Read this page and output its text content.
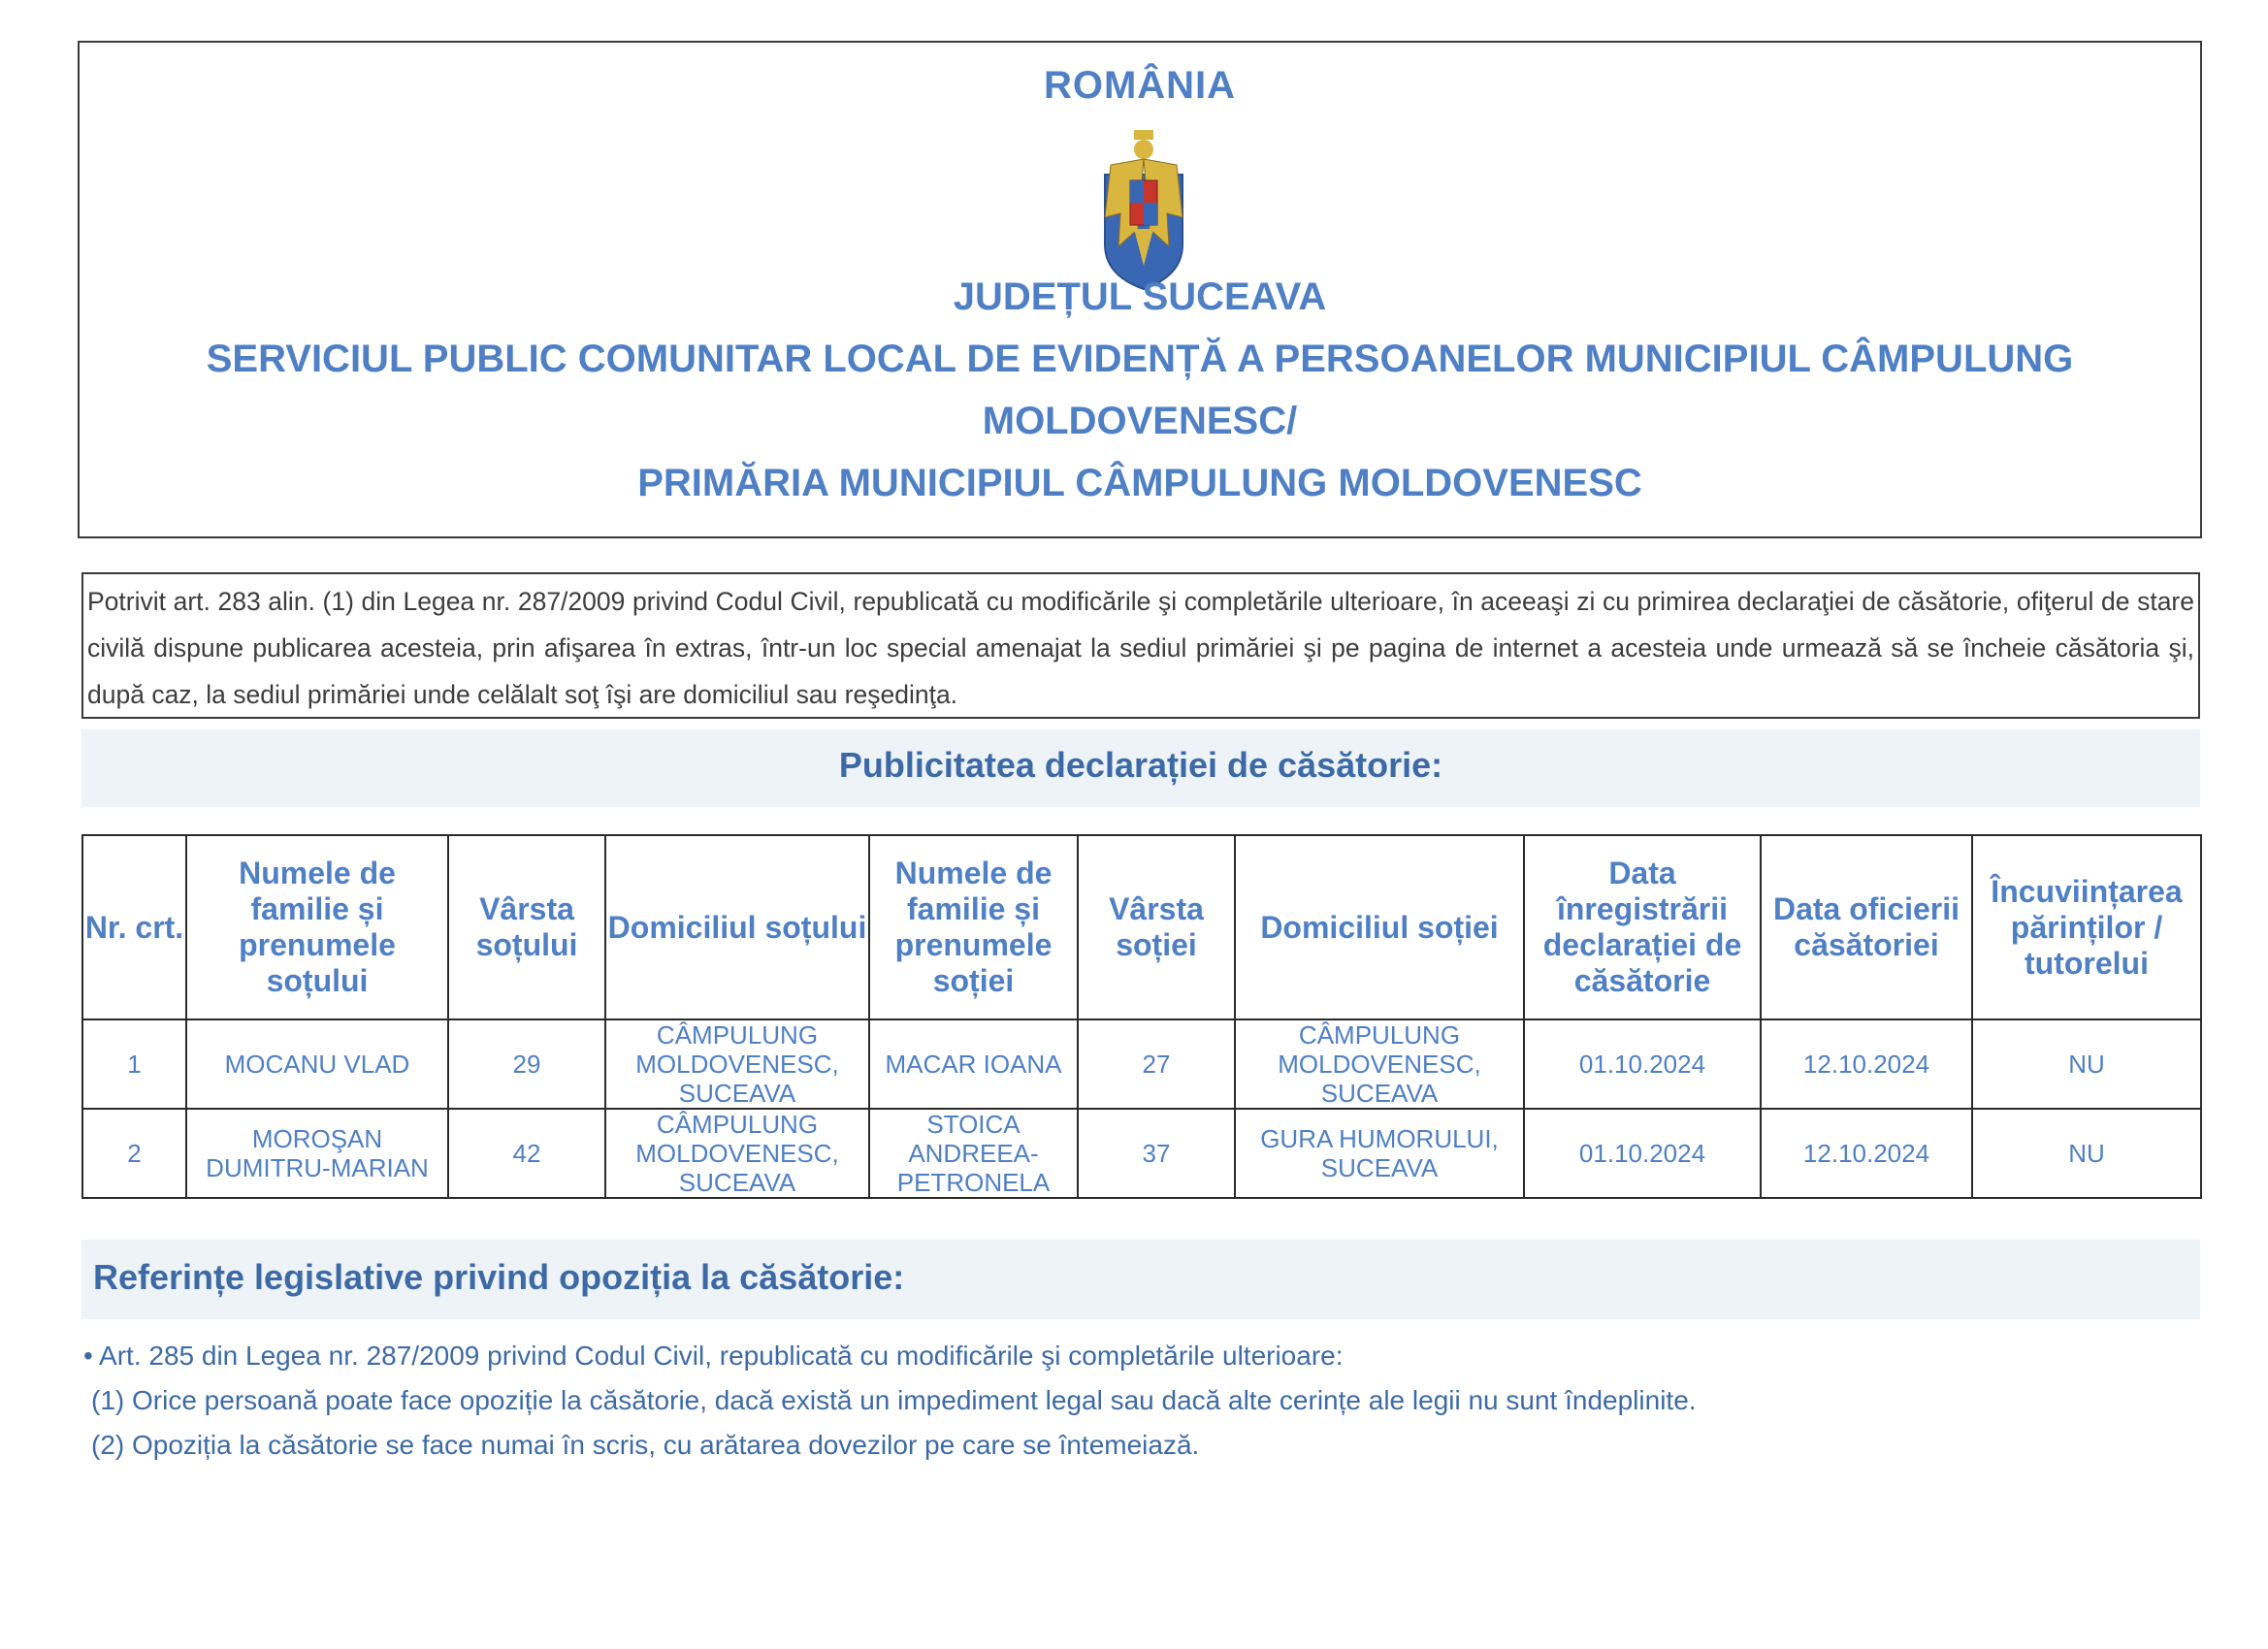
ROMÂNIA
JUDEȚUL SUCEAVA
SERVICIUL PUBLIC COMUNITAR LOCAL DE EVIDENȚĂ A PERSOANELOR MUNICIPIUL CÂMPULUNG
MOLDOVENESC/
PRIMĂRIA MUNICIPIUL CÂMPULUNG MOLDOVENESC
Potrivit art. 283 alin. (1) din Legea nr. 287/2009 privind Codul Civil, republicată cu modificările şi completările ulterioare, în aceeaşi zi cu primirea declaraţiei de căsătorie, ofiţerul de stare civilă dispune publicarea acesteia, prin afişarea în extras, într-un loc special amenajat la sediul primăriei şi pe pagina de internet a acesteia unde urmează să se încheie căsătoria şi, după caz, la sediul primăriei unde celălalt soţ îşi are domiciliul sau reşedinţa.
Publicitatea declarației de căsătorie:
Nr. crt.	Numele de familie și prenumele soțului	Vârsta soțului	Domiciliul soțului	Numele de familie și prenumele soției	Vârsta soției	Domiciliul soției	Data înregistrării declarației de căsătorie	Data oficierii căsătoriei	Încuviințarea părinților / tutorelui
1	MOCANU VLAD	29	CÂMPULUNG MOLDOVENESC, SUCEAVA	MACAR IOANA	27	CÂMPULUNG MOLDOVENESC, SUCEAVA	01.10.2024	12.10.2024	NU
2	MOROŞAN DUMITRU-MARIAN	42	CÂMPULUNG MOLDOVENESC, SUCEAVA	STOICA ANDREEA-PETRONELA	37	GURA HUMORULUI, SUCEAVA	01.10.2024	12.10.2024	NU
Referințe legislative privind opoziția la căsătorie:
• Art. 285 din Legea nr. 287/2009 privind Codul Civil, republicată cu modificările şi completările ulterioare:
(1) Orice persoană poate face opoziție la căsătorie, dacă există un impediment legal sau dacă alte cerințe ale legii nu sunt îndeplinite.
(2) Opoziția la căsătorie se face numai în scris, cu arătarea dovezilor pe care se întemeiază.
